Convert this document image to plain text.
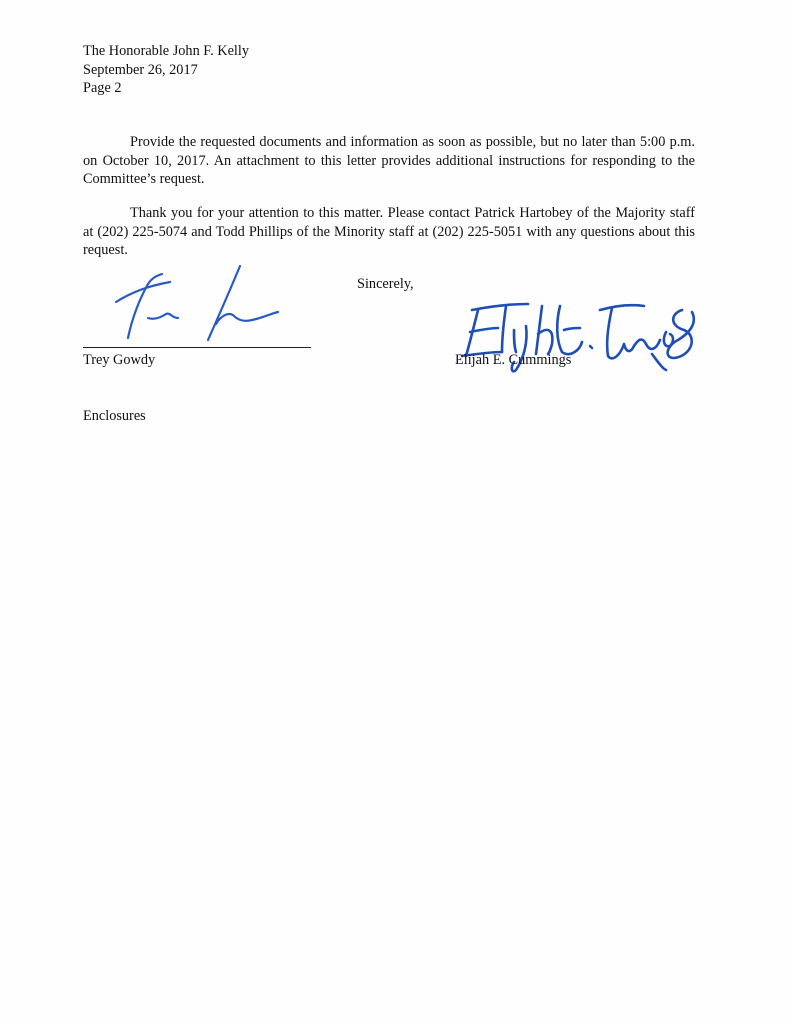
The Honorable John F. Kelly
September 26, 2017
Page 2
Provide the requested documents and information as soon as possible, but no later than 5:00 p.m. on October 10, 2017. An attachment to this letter provides additional instructions for responding to the Committee’s request.
Thank you for your attention to this matter. Please contact Patrick Hartobey of the Majority staff at (202) 225-5074 and Todd Phillips of the Minority staff at (202) 225-5051 with any questions about this request.
Sincerely,
Trey Gowdy	Elijah E. Cummings
Enclosures
